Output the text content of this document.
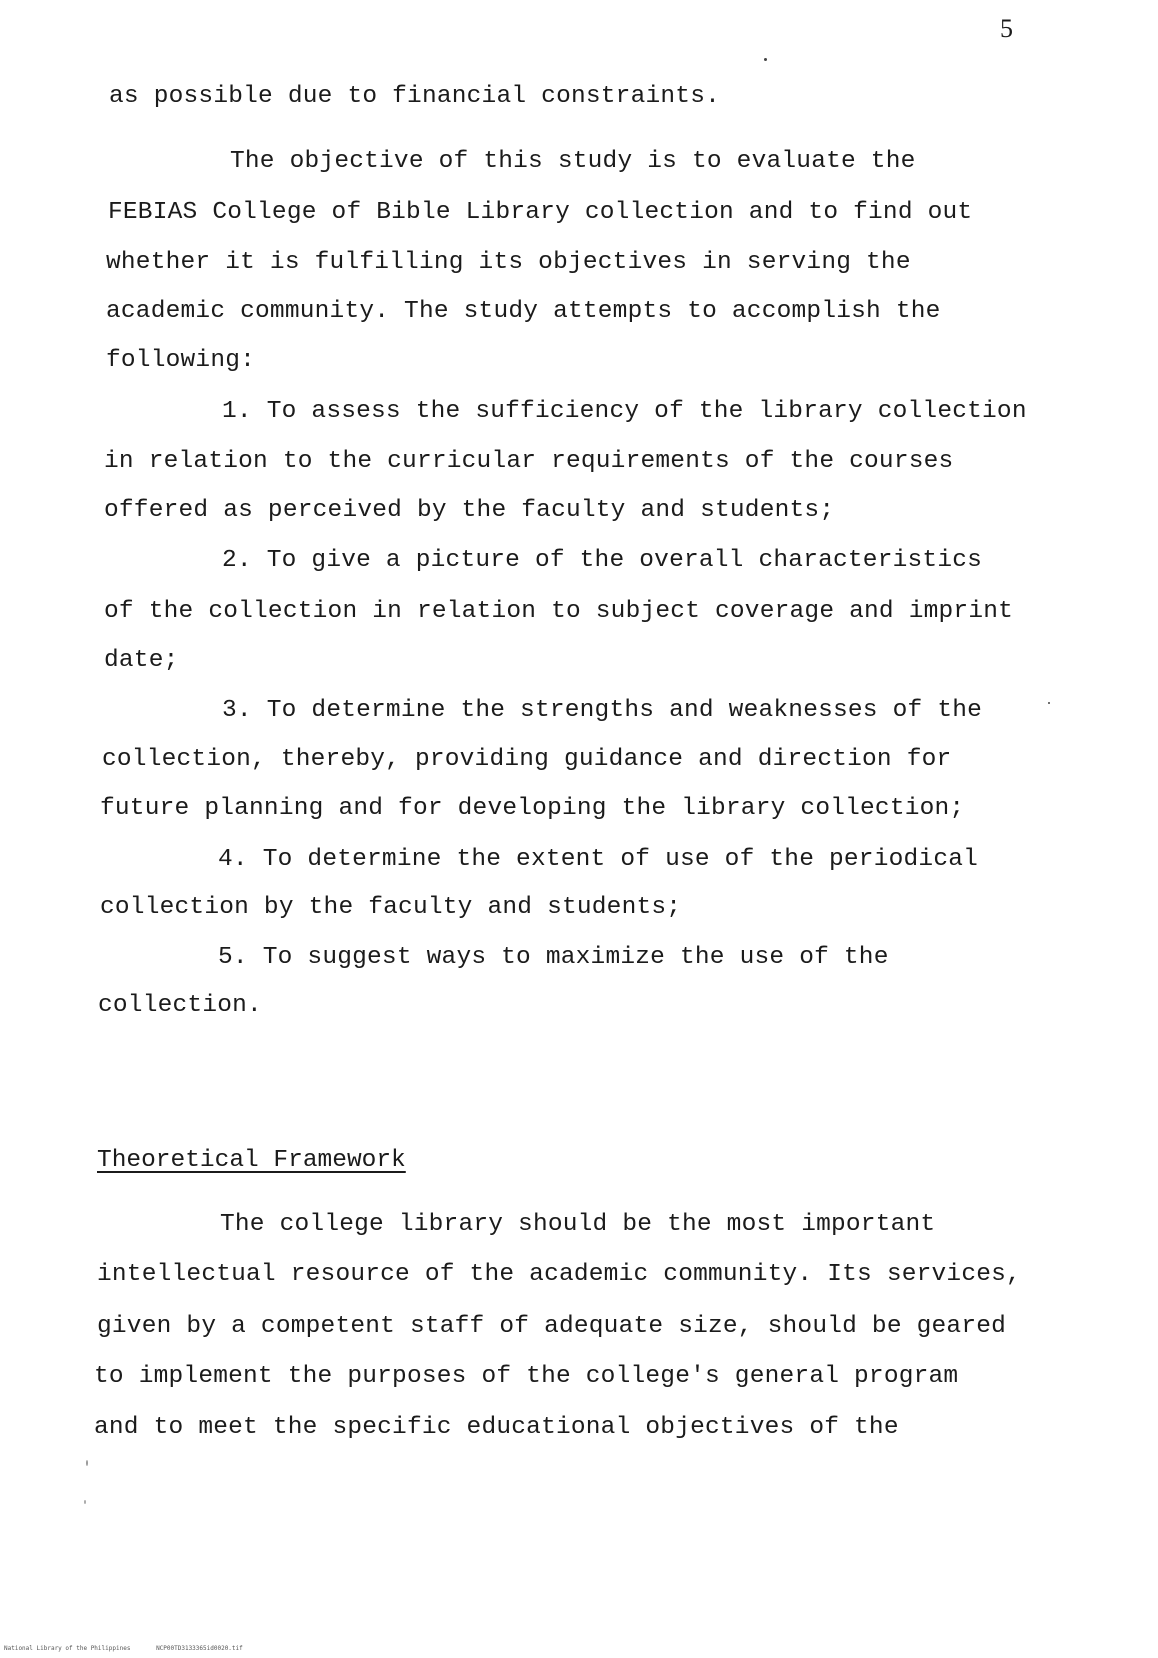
5
as possible due to financial constraints.
The objective of this study is to evaluate the
FEBIAS College of Bible Library collection and to find out
whether it is fulfilling its objectives in serving the
academic community. The study attempts to accomplish the
following:
1. To assess the sufficiency of the library collection
in relation to the curricular requirements of the courses
offered as perceived by the faculty and students;
2. To give a picture of the overall characteristics
of the collection in relation to subject coverage and imprint
date;
3. To determine the strengths and weaknesses of the
collection, thereby, providing guidance and direction for
future planning and for developing the library collection;
4. To determine the extent of use of the periodical
collection by the faculty and students;
5. To suggest ways to maximize the use of the
collection.
Theoretical Framework
The college library should be the most important
intellectual resource of the academic community. Its services,
given by a competent staff of adequate size, should be geared
to implement the purposes of the college's general program
and to meet the specific educational objectives of the
National Library of the Philippines	NCP00TD3133365id0020.tif
